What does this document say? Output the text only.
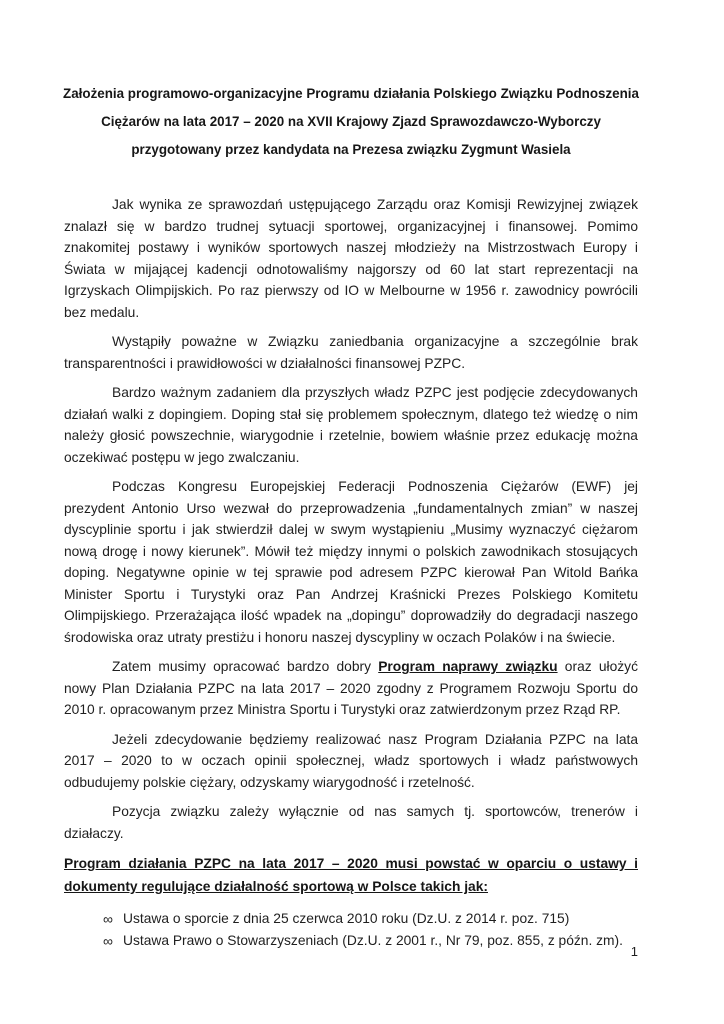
Założenia programowo-organizacyjne Programu działania Polskiego Związku Podnoszenia
Ciężarów na lata 2017 – 2020 na XVII Krajowy Zjazd Sprawozdawczo-Wyborczy
przygotowany przez kandydata na Prezesa związku Zygmunt Wasiela

Jak wynika ze sprawozdań ustępującego Zarządu oraz Komisji Rewizyjnej związek znalazł się w bardzo trudnej sytuacji sportowej, organizacyjnej i finansowej. Pomimo znakomitej postawy i wyników sportowych naszej młodzieży na Mistrzostwach Europy i Świata w mijającej kadencji odnotowaliśmy najgorszy od 60 lat start reprezentacji na Igrzyskach Olimpijskich. Po raz pierwszy od IO w Melbourne w 1956 r. zawodnicy powrócili bez medalu.

Wystąpiły poważne w Związku zaniedbania organizacyjne a szczególnie brak transparentności i prawidłowości w działalności finansowej PZPC.

Bardzo ważnym zadaniem dla przyszłych władz PZPC jest podjęcie zdecydowanych działań walki z dopingiem. Doping stał się problemem społecznym, dlatego też wiedzę o nim należy głosić powszechnie, wiarygodnie i rzetelnie, bowiem właśnie przez edukację można oczekiwać postępu w jego zwalczaniu.

Podczas Kongresu Europejskiej Federacji Podnoszenia Ciężarów (EWF) jej prezydent Antonio Urso wezwał do przeprowadzenia „fundamentalnych zmian” w naszej dyscyplinie sportu i jak stwierdził dalej w swym wystąpieniu „Musimy wyznaczyć ciężarom nową drogę i nowy kierunek”. Mówił też między innymi o polskich zawodnikach stosujących doping. Negatywne opinie w tej sprawie pod adresem PZPC kierował Pan Witold Bańka Minister Sportu i Turystyki oraz Pan Andrzej Kraśnicki Prezes Polskiego Komitetu Olimpijskiego. Przerażająca ilość wpadek na „dopingu” doprowadziły do degradacji naszego środowiska oraz utraty prestiżu i honoru naszej dyscypliny w oczach Polaków i na świecie.

Zatem musimy opracować bardzo dobry Program naprawy związku oraz ułożyć nowy Plan Działania PZPC na lata 2017 – 2020 zgodny z Programem Rozwoju Sportu do 2010 r. opracowanym przez Ministra Sportu i Turystyki oraz zatwierdzonym przez Rząd RP.

Jeżeli zdecydowanie będziemy realizować nasz Program Działania PZPC na lata 2017 – 2020 to w oczach opinii społecznej, władz sportowych i władz państwowych odbudujemy polskie ciężary, odzyskamy wiarygodność i rzetelność.

Pozycja związku zależy wyłącznie od nas samych tj. sportowców, trenerów i działaczy.

Program działania PZPC na lata 2017 – 2020 musi powstać w oparciu o ustawy i dokumenty regulujące działalność sportową w Polsce takich jak:
∞ Ustawa o sporcie z dnia 25 czerwca 2010 roku (Dz.U. z 2014 r. poz. 715)
∞ Ustawa Prawo o Stowarzyszeniach (Dz.U. z 2001 r., Nr 79, poz. 855, z późn. zm).
1
